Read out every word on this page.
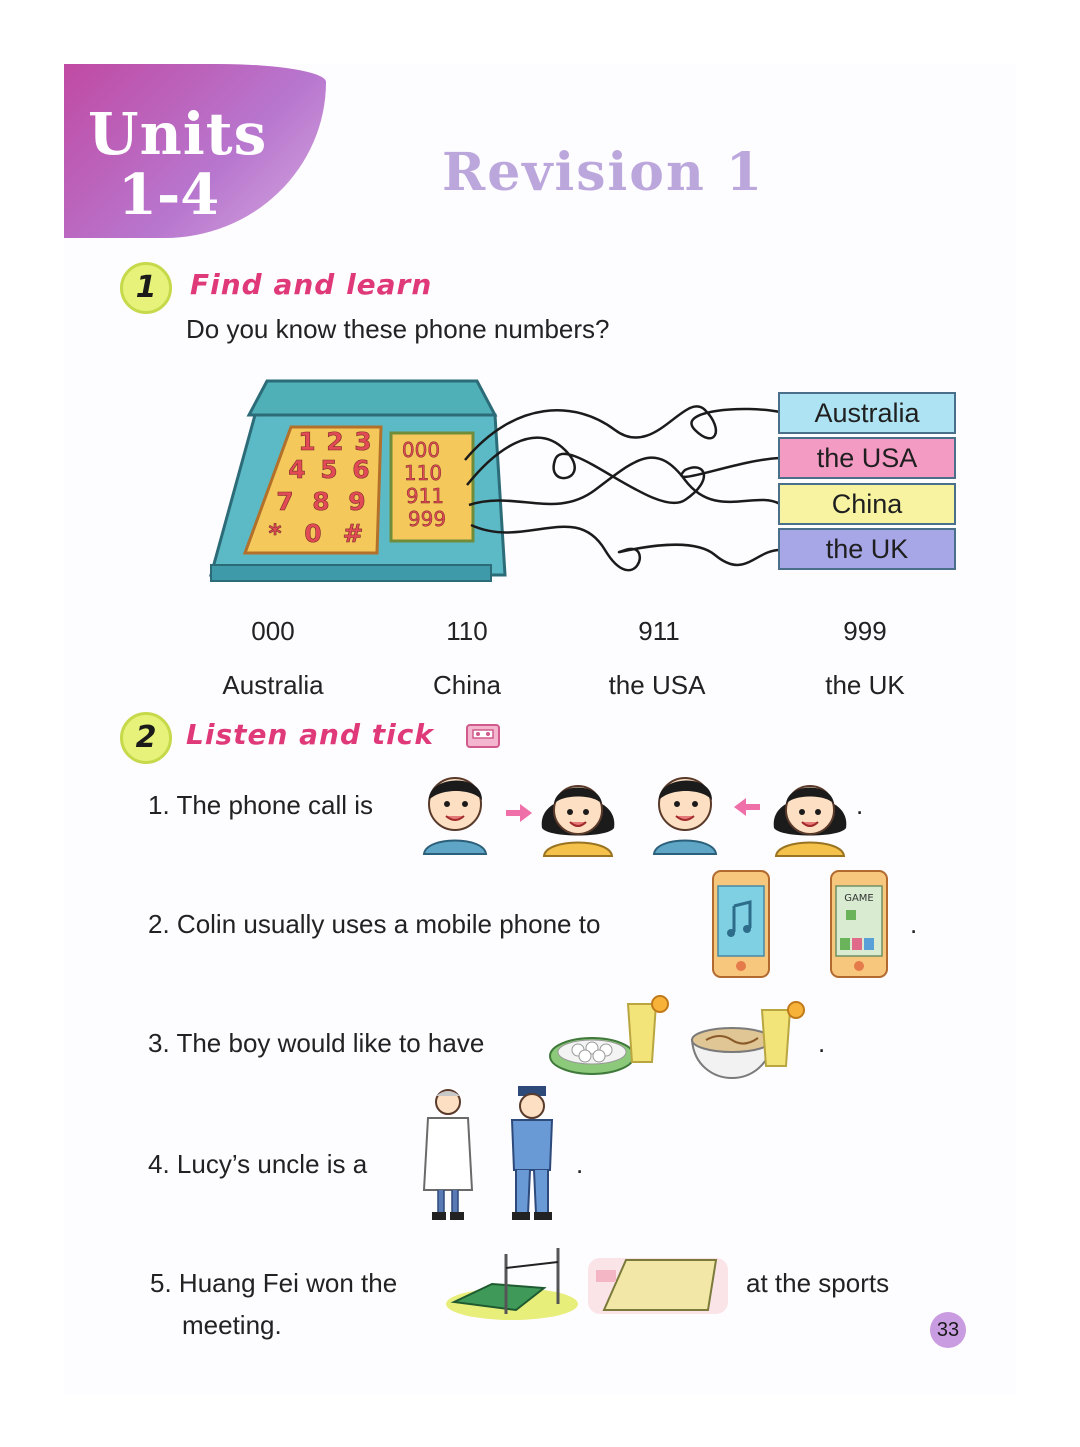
Units
1-4	Revision 1
1	Find and learn
Do you know these phone numbers?
1 2 3
4 5 6
7 8 9
* 0 #
000
110
911
999
Australia
the USA
China
the UK
000	110	911	999
Australia	China	the USA	the UK
2	Listen and tick
1. The phone call is	.
2. Colin usually uses a mobile phone to
GAME
.
3. The boy would like to have	.
4. Lucy’s uncle is a	.
5. Huang Fei won the	at the sports
meeting.	33
